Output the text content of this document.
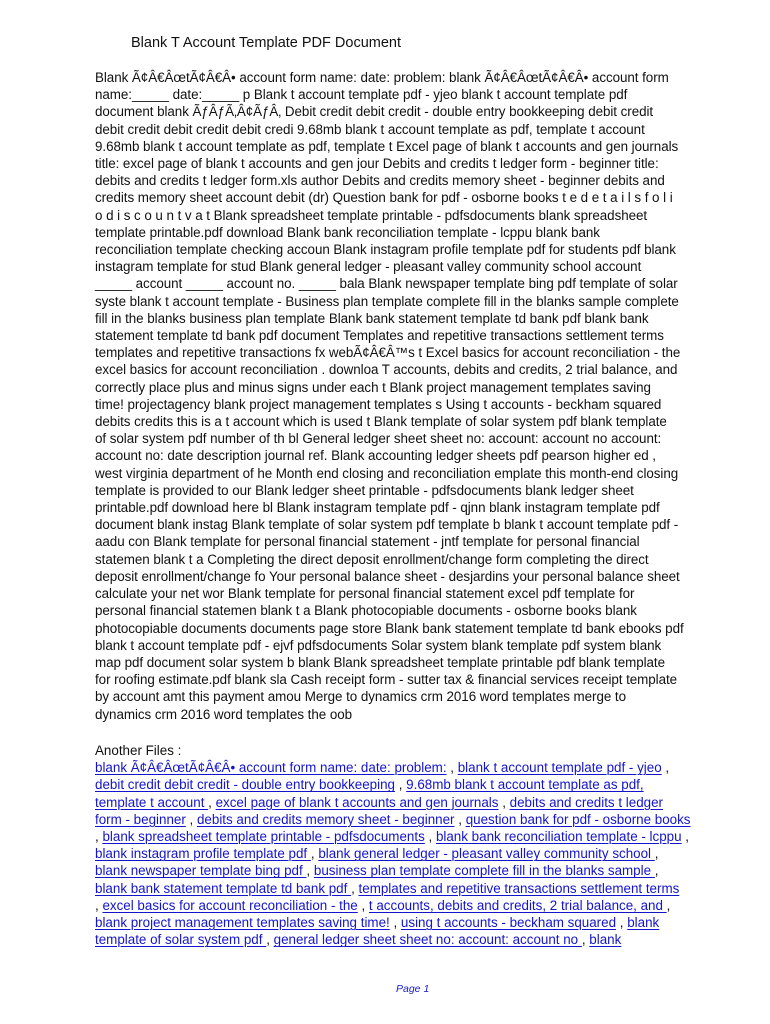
Blank T Account Template PDF Document
Blank Ã¢Â€ÂœtÃ¢Â€Â• account form name: date: problem: blank Ã¢Â€ÂœtÃ¢Â€Â• account form
name:_____ date:_____ p Blank t account template pdf - yjeo blank t account template pdf
document blank ÃƒÂƒÃ‚Â¢ÃƒÂ‚ Debit credit debit credit - double entry bookkeeping debit credit
debit credit debit credit debit credi 9.68mb blank t account template as pdf, template t account
9.68mb blank t account template as pdf, template t Excel page of blank t accounts and gen journals
title: excel page of blank t accounts and gen jour Debits and credits t ledger form - beginner title:
debits and credits t ledger form.xls author Debits and credits memory sheet - beginner debits and
credits memory sheet account debit (dr) Question bank for pdf - osborne books t e d e t a i l s f o l i
o d i s c o u n t v a t Blank spreadsheet template printable - pdfsdocuments blank spreadsheet
template printable.pdf download Blank bank reconciliation template - lcppu blank bank
reconciliation template checking accoun Blank instagram profile template pdf for students pdf blank
instagram template for stud Blank general ledger - pleasant valley community school account
_____ account _____ account no. _____ bala Blank newspaper template bing pdf template of solar
syste blank t account template - Business plan template complete fill in the blanks sample complete
fill in the blanks business plan template Blank bank statement template td bank pdf blank bank
statement template td bank pdf document Templates and repetitive transactions settlement terms
templates and repetitive transactions fx webÃ¢Â€Â™s t Excel basics for account reconciliation - the
excel basics for account reconciliation . downloa T accounts, debits and credits, 2 trial balance, and
correctly place plus and minus signs under each t Blank project management templates saving
time! projectagency blank project management templates s Using t accounts - beckham squared
debits credits this is a t account which is used t Blank template of solar system pdf blank template
of solar system pdf number of th bl General ledger sheet sheet no: account: account no account:
account no: date description journal ref. Blank accounting ledger sheets pdf pearson higher ed ,
west virginia department of he Month end closing and reconciliation emplate this month-end closing
template is provided to our Blank ledger sheet printable - pdfsdocuments blank ledger sheet
printable.pdf download here bl Blank instagram template pdf - qjnn blank instagram template pdf
document blank instag Blank template of solar system pdf template b blank t account template pdf -
aadu con Blank template for personal financial statement - jntf template for personal financial
statemen blank t a Completing the direct deposit enrollment/change form completing the direct
deposit enrollment/change fo Your personal balance sheet - desjardins your personal balance sheet
calculate your net wor Blank template for personal financial statement excel pdf template for
personal financial statemen blank t a Blank photocopiable documents - osborne books blank
photocopiable documents documents page store Blank bank statement template td bank ebooks pdf
blank t account template pdf - ejvf pdfsdocuments Solar system blank template pdf system blank
map pdf document solar system b blank Blank spreadsheet template printable pdf blank template
for roofing estimate.pdf blank sla Cash receipt form - sutter tax & financial services receipt template
by account amt this payment amou Merge to dynamics crm 2016 word templates merge to
dynamics crm 2016 word templates the oob
Another Files :
blank Ã¢Â€ÂœtÃ¢Â€Â• account form name: date: problem: , blank t account template pdf - yjeo ,
debit credit debit credit - double entry bookkeeping , 9.68mb blank t account template as pdf,
template t account , excel page of blank t accounts and gen journals , debits and credits t ledger
form - beginner , debits and credits memory sheet - beginner , question bank for pdf - osborne books
, blank spreadsheet template printable - pdfsdocuments , blank bank reconciliation template - lcppu ,
blank instagram profile template pdf , blank general ledger - pleasant valley community school ,
blank newspaper template bing pdf , business plan template complete fill in the blanks sample ,
blank bank statement template td bank pdf , templates and repetitive transactions settlement terms
, excel basics for account reconciliation - the , t accounts, debits and credits, 2 trial balance, and ,
blank project management templates saving time! , using t accounts - beckham squared , blank
template of solar system pdf , general ledger sheet sheet no: account: account no , blank
Page 1
